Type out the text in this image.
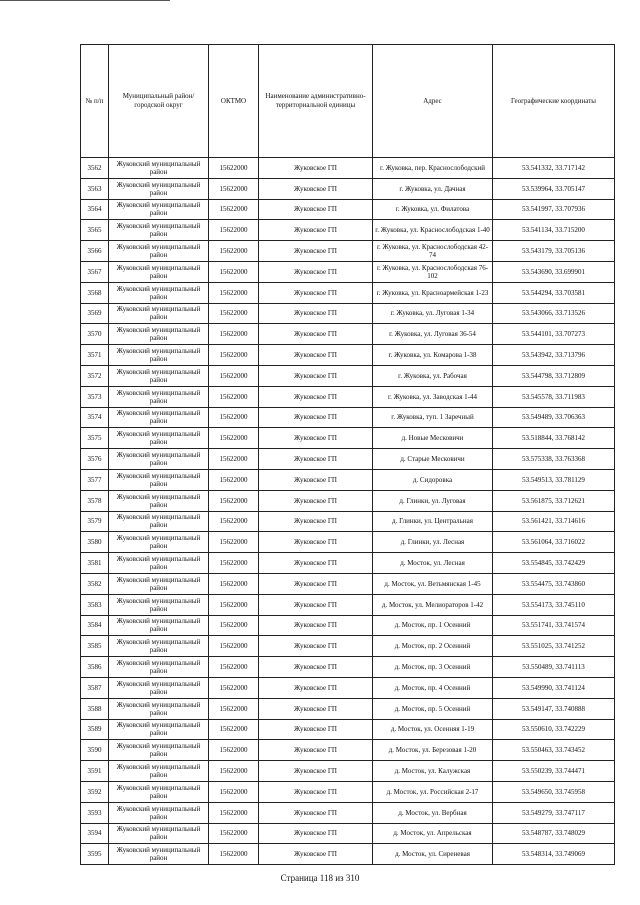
№ п/п	Муниципальный район/городской округ	ОКТМО	Наименование административно-территориальной единицы	Адрес	Географические координаты
3562	Жуковский муниципальный район	15622000	Жуковское ГП	г. Жуковка, пер. Краснослободский	53.541332, 33.717142
3563	Жуковский муниципальный район	15622000	Жуковское ГП	г. Жуковка, ул. Дачная	53.539964, 33.705147
3564	Жуковский муниципальный район	15622000	Жуковское ГП	г. Жуковка, ул. Филатова	53.541997, 33.707936
3565	Жуковский муниципальный район	15622000	Жуковское ГП	г. Жуковка, ул. Краснослободская 1-40	53.541134, 33.715200
3566	Жуковский муниципальный район	15622000	Жуковское ГП	г. Жуковка, ул. Краснослободская 42-74	53.543179, 33.705136
3567	Жуковский муниципальный район	15622000	Жуковское ГП	г. Жуковка, ул. Краснослободская 76-102	53.543690, 33.699901
3568	Жуковский муниципальный район	15622000	Жуковское ГП	г. Жуковка, ул. Красноармейская 1-23	53.544294, 33.703581
3569	Жуковский муниципальный район	15622000	Жуковское ГП	г. Жуковка, ул. Луговая 1-34	53.543066, 33.713526
3570	Жуковский муниципальный район	15622000	Жуковское ГП	г. Жуковка, ул. Луговая 36-54	53.544101, 33.707273
3571	Жуковский муниципальный район	15622000	Жуковское ГП	г. Жуковка, ул. Комарова 1-38	53.543942, 33.713796
3572	Жуковский муниципальный район	15622000	Жуковское ГП	г. Жуковка, ул. Рабочая	53.544798, 33.712809
3573	Жуковский муниципальный район	15622000	Жуковское ГП	г. Жуковка, ул. Заводская 1-44	53.545578, 33.711983
3574	Жуковский муниципальный район	15622000	Жуковское ГП	г. Жуковка, туп. 1 Заречный	53.549489, 33.706363
3575	Жуковский муниципальный район	15622000	Жуковское ГП	д. Новые Месковичи	53.518844, 33.768142
3576	Жуковский муниципальный район	15622000	Жуковское ГП	д. Старые Месковичи	53.575338, 33.763368
3577	Жуковский муниципальный район	15622000	Жуковское ГП	д. Сидоровка	53.549513, 33.781129
3578	Жуковский муниципальный район	15622000	Жуковское ГП	д. Глинки, ул. Луговая	53.561875, 33.712621
3579	Жуковский муниципальный район	15622000	Жуковское ГП	д. Глинки, ул. Центральная	53.561421, 33.714616
3580	Жуковский муниципальный район	15622000	Жуковское ГП	д. Глинки, ул. Лесная	53.561064, 33.716022
3581	Жуковский муниципальный район	15622000	Жуковское ГП	д. Мосток, ул. Лесная	53.554845, 33.742429
3582	Жуковский муниципальный район	15622000	Жуковское ГП	д. Мосток, ул. Ветьмянская 1-45	53.554475, 33.743860
3583	Жуковский муниципальный район	15622000	Жуковское ГП	д. Мосток, ул. Мелиораторов 1-42	53.554173, 33.745110
3584	Жуковский муниципальный район	15622000	Жуковское ГП	д. Мосток, пр. 1 Осенний	53.551741, 33.741574
3585	Жуковский муниципальный район	15622000	Жуковское ГП	д. Мосток, пр. 2 Осенний	53.551025, 33.741252
3586	Жуковский муниципальный район	15622000	Жуковское ГП	д. Мосток, пр. 3 Осенний	53.550489, 33.741113
3587	Жуковский муниципальный район	15622000	Жуковское ГП	д. Мосток, пр. 4 Осенний	53.549990, 33.741124
3588	Жуковский муниципальный район	15622000	Жуковское ГП	д. Мосток, пр. 5 Осенний	53.549147, 33.740888
3589	Жуковский муниципальный район	15622000	Жуковское ГП	д. Мосток, ул. Осенняя 1-19	53.550610, 33.742229
3590	Жуковский муниципальный район	15622000	Жуковское ГП	д. Мосток, ул. Березовая 1-20	53.550463, 33.743452
3591	Жуковский муниципальный район	15622000	Жуковское ГП	д. Мосток, ул. Калужская	53.550239, 33.744471
3592	Жуковский муниципальный район	15622000	Жуковское ГП	д. Мосток, ул. Российская 2-17	53.549650, 33.745958
3593	Жуковский муниципальный район	15622000	Жуковское ГП	д. Мосток, ул. Вербная	53.549279, 33.747117
3594	Жуковский муниципальный район	15622000	Жуковское ГП	д. Мосток, ул. Апрельская	53.548787, 33.748029
3595	Жуковский муниципальный район	15622000	Жуковское ГП	д. Мосток, ул. Сиреневая	53.548314, 33.749069
Страница 118 из 310
